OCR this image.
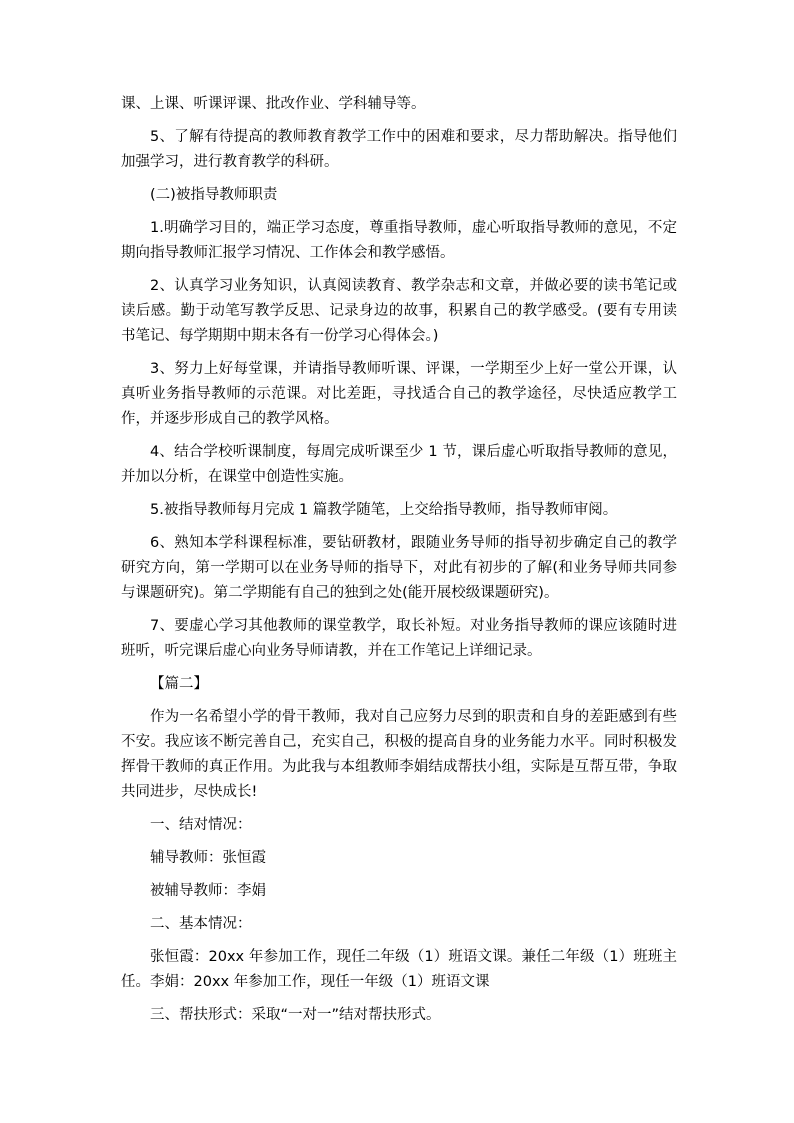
课、上课、听课评课、批改作业、学科辅导等。

5、了解有待提高的教师教育教学工作中的困难和要求，尽力帮助解决。指导他们加强学习，进行教育教学的科研。

(二)被指导教师职责

1.明确学习目的，端正学习态度，尊重指导教师，虚心听取指导教师的意见，不定期向指导教师汇报学习情况、工作体会和教学感悟。

2、认真学习业务知识，认真阅读教育、教学杂志和文章，并做必要的读书笔记或读后感。勤于动笔写教学反思、记录身边的故事，积累自己的教学感受。(要有专用读书笔记、每学期期中期末各有一份学习心得体会。)

3、努力上好每堂课，并请指导教师听课、评课，一学期至少上好一堂公开课，认真听业务指导教师的示范课。对比差距，寻找适合自己的教学途径，尽快适应教学工作，并逐步形成自己的教学风格。

4、结合学校听课制度，每周完成听课至少 1 节，课后虚心听取指导教师的意见，并加以分析，在课堂中创造性实施。

5.被指导教师每月完成 1 篇教学随笔，上交给指导教师，指导教师审阅。

6、熟知本学科课程标准，要钻研教材，跟随业务导师的指导初步确定自己的教学研究方向，第一学期可以在业务导师的指导下，对此有初步的了解(和业务导师共同参与课题研究)。第二学期能有自己的独到之处(能开展校级课题研究)。

7、要虚心学习其他教师的课堂教学，取长补短。对业务指导教师的课应该随时进班听，听完课后虚心向业务导师请教，并在工作笔记上详细记录。

【篇二】

作为一名希望小学的骨干教师，我对自己应努力尽到的职责和自身的差距感到有些不安。我应该不断完善自己，充实自己，积极的提高自身的业务能力水平。同时积极发挥骨干教师的真正作用。为此我与本组教师李娟结成帮扶小组，实际是互帮互带，争取共同进步，尽快成长!

一、结对情况：

辅导教师：张恒霞

被辅导教师：李娟

二、基本情况：

张恒霞：20xx 年参加工作，现任二年级（1）班语文课。兼任二年级（1）班班主任。李娟：20xx 年参加工作，现任一年级（1）班语文课

三、帮扶形式：采取“一对一”结对帮扶形式。
